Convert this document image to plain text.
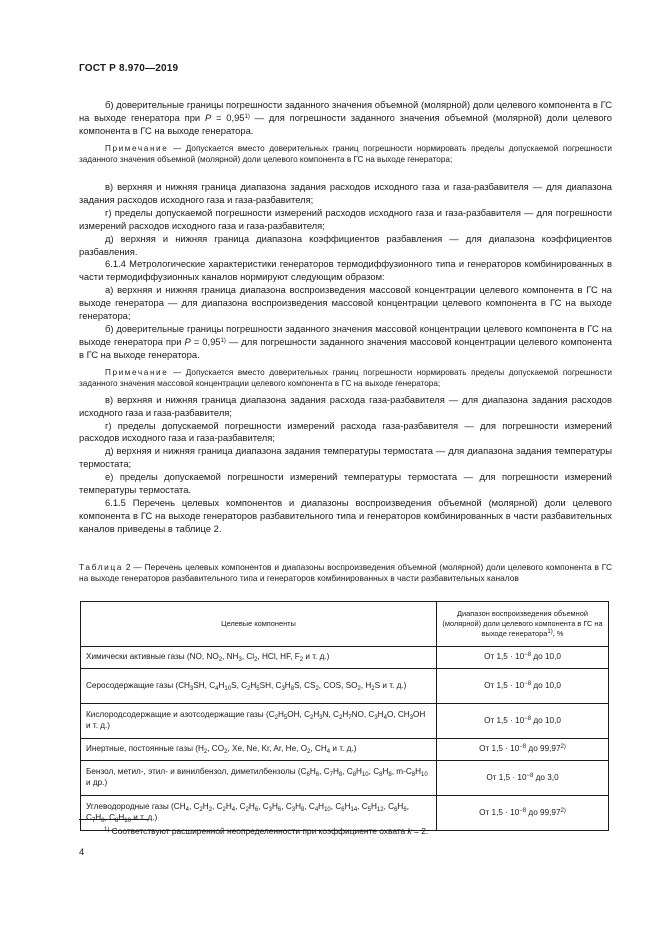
ГОСТ Р 8.970—2019

б) доверительные границы погрешности заданного значения объемной (молярной) доли целевого компонента в ГС на выходе генератора при $P = 0,95^{1)}$ — для погрешности заданного значения объемной (молярной) доли целевого компонента в ГС на выходе генератора.

Примечание — Допускается вместо доверительных границ погрешности нормировать пределы допускаемой погрешности заданного значения объемной (молярной) доли целевого компонента в ГС на выходе генератора;

в) верхняя и нижняя граница диапазона задания расходов исходного газа и газа-разбавителя — для диапазона задания расходов исходного газа и газа-разбавителя;

г) пределы допускаемой погрешности измерений расходов исходного газа и газа-разбавителя — для погрешности измерений расходов исходного газа и газа-разбавителя;

д) верхняя и нижняя граница диапазона коэффициентов разбавления — для диапазона коэффициентов разбавления.

6.1.4 Метрологические характеристики генераторов термодиффузионного типа и генераторов комбинированных в части термодиффузионных каналов нормируют следующим образом:

а) верхняя и нижняя граница диапазона воспроизведения массовой концентрации целевого компонента в ГС на выходе генератора — для диапазона воспроизведения массовой концентрации целевого компонента в ГС на выходе генератора;

б) доверительные границы погрешности заданного значения массовой концентрации целевого компонента в ГС на выходе генератора при $P = 0,95^{1)}$ — для погрешности заданного значения массовой концентрации целевого компонента в ГС на выходе генератора.

Примечание — Допускается вместо доверительных границ погрешности нормировать пределы допускаемой погрешности заданного значения массовой концентрации целевого компонента в ГС на выходе генератора;

в) верхняя и нижняя граница диапазона задания расхода газа-разбавителя — для диапазона задания расходов исходного газа и газа-разбавителя;

г) пределы допускаемой погрешности измерений расхода газа-разбавителя — для погрешности измерений расходов исходного газа и газа-разбавителя;

д) верхняя и нижняя граница диапазона задания температуры термостата — для диапазона задания температуры термостата;

е) пределы допускаемой погрешности измерений температуры термостата — для погрешности измерений температуры термостата.

6.1.5 Перечень целевых компонентов и диапазоны воспроизведения объемной (молярной) доли целевого компонента в ГС на выходе генераторов разбавительного типа и генераторов комбинированных в части разбавительных каналов приведены в таблице 2.

Таблица 2 — Перечень целевых компонентов и диапазоны воспроизведения объемной (молярной) доли целевого компонента в ГС на выходе генераторов разбавительного типа и генераторов комбинированных в части разбавительных каналов
Целевые компоненты	Диапазон воспроизведения объемной (молярной) доли целевого компонента в ГС на выходе генератора$^{1)}$, %
Химически активные газы (NO, $NO_2$, $NH_3$, $Cl_2$, HCl, HF, $F_2$ и т. д.)	От $1,5 \cdot 10^{-8}$ до 10,0
Серосодержащие газы ($CH_3SH$, $C_4H_{10}S$, $C_2H_5SH$, $C_3H_8S$, $CS_2$, COS, $SO_2$, $H_2S$ и т. д.)	От $1,5 \cdot 10^{-8}$ до 10,0
Кислородсодержащие и азотсодержащие газы ($C_2H_5OH$, $C_2H_3N$, $C_2H_7NO$, $C_3H_4O$, $CH_3OH$ и т. д.)	От $1,5 \cdot 10^{-8}$ до 10,0
Инертные, постоянные газы ($H_2$, $CO_2$, Xe, Ne, Kr, Ar, He, $O_2$, $CH_4$ и т. д.)	От $1,5 \cdot 10^{-8}$ до 99,97$^{2)}$
Бензол, метил-, этил- и винилбензол, диметилбензолы ($C_6H_6$, $C_7H_8$, $C_8H_{10}$, $C_8H_8$, $m-C_8H_{10}$ и др.)	От $1,5 \cdot 10^{-8}$ до 3,0
Углеводородные газы ($CH_4$, $C_2H_2$, $C_2H_4$, $C_2H_6$, $C_3H_6$, $C_3H_8$, $C_4H_{10}$, $C_6H_{14}$, $C_5H_{12}$, $C_6H_6$, $C_7H_8$, $C_8H_{10}$ и т. д.)	От $1,5 \cdot 10^{-8}$ до 99,97$^{2)}$
$^{1)}$ Соответствуют расширенной неопределенности при коэффициенте охвата k = 2.
4
